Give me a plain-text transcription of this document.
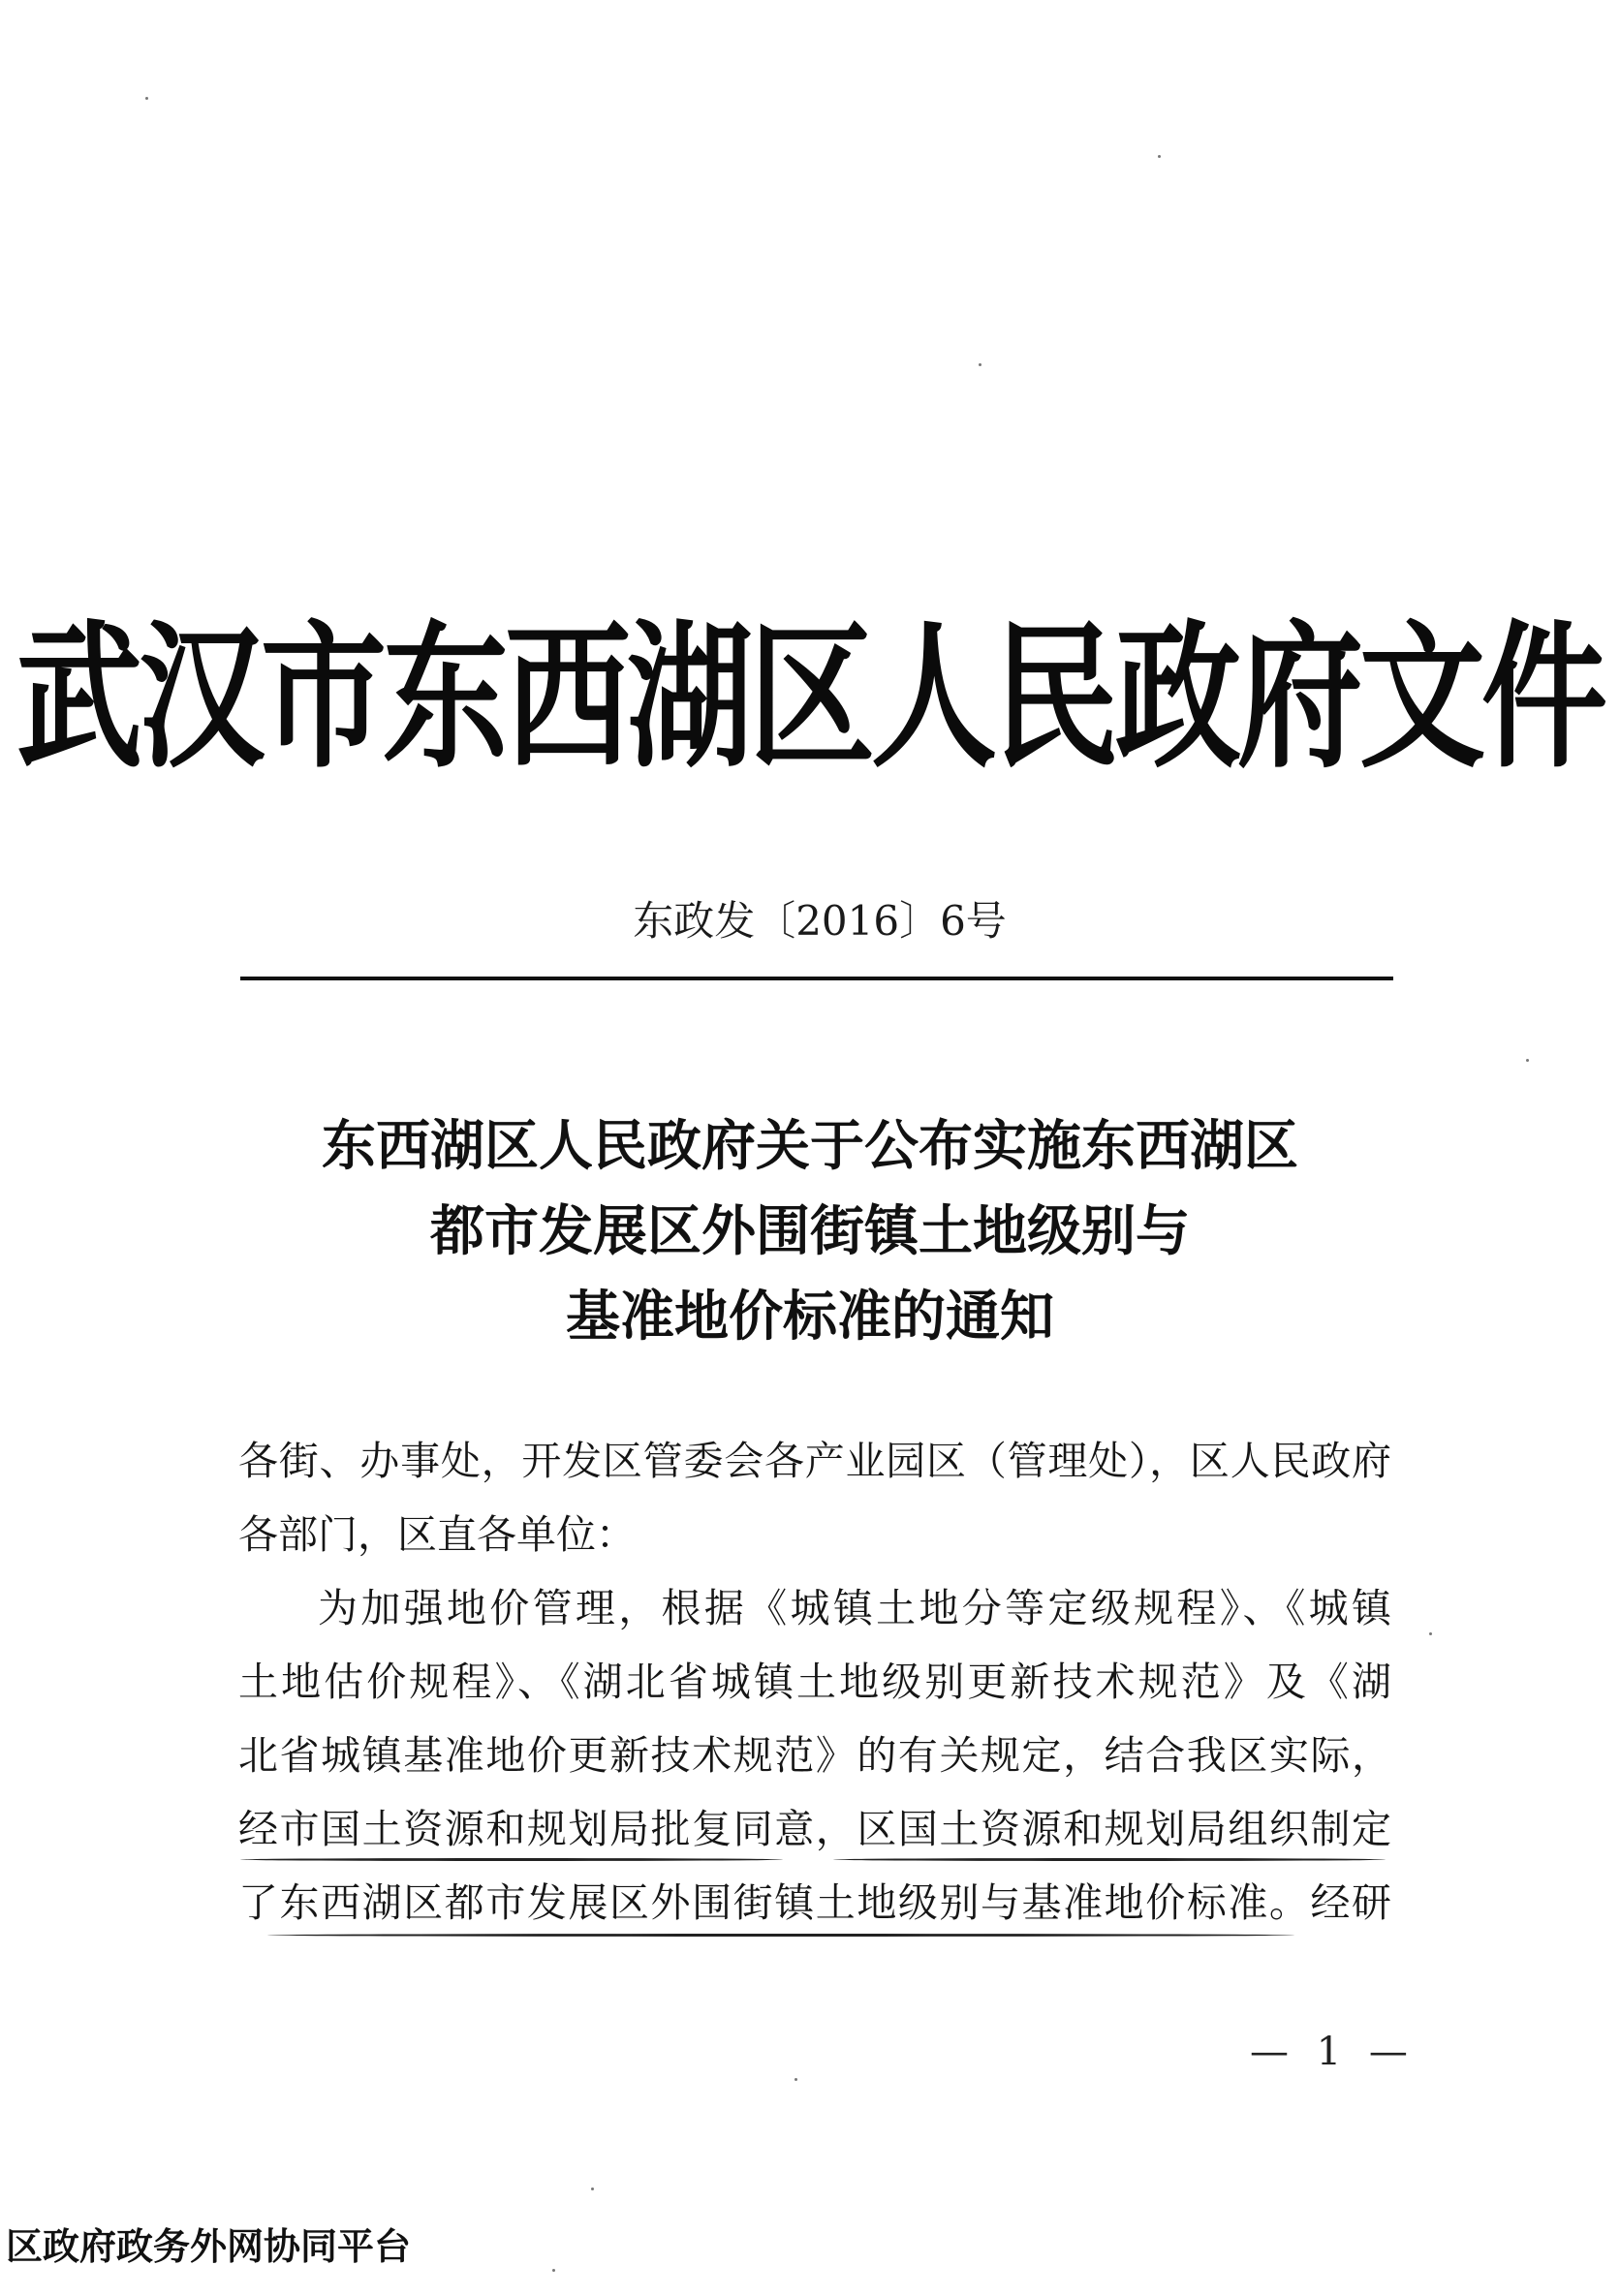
武汉市东西湖区人民政府文件
东政发〔2016〕6号
东西湖区人民政府关于公布实施东西湖区
都市发展区外围街镇土地级别与
基准地价标准的通知
各街、办事处，开发区管委会各产业园区（管理处），区人民政府
各部门，区直各单位：
为加强地价管理，根据《城镇土地分等定级规程》、《城镇
土地估价规程》、《湖北省城镇土地级别更新技术规范》及《湖
北省城镇基准地价更新技术规范》的有关规定，结合我区实际，
经市国土资源和规划局批复同意，区国土资源和规划局组织制定
了东西湖区都市发展区外围街镇土地级别与基准地价标准。经研
— 1 —
区政府政务外网协同平台
